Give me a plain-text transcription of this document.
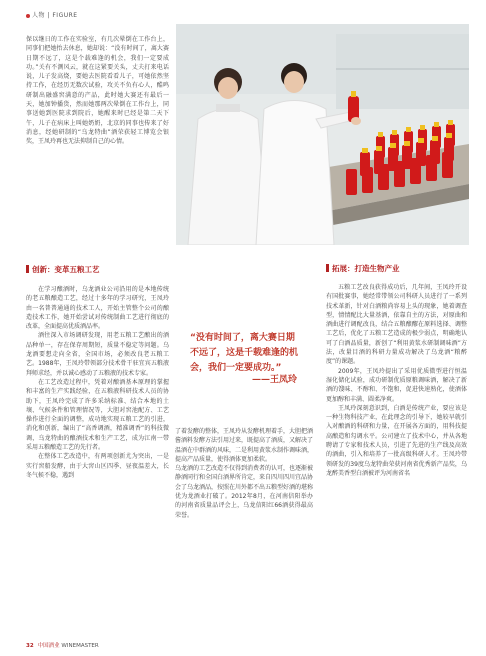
人物 | FIGURE

保以继日的工作在实验室，有几次晕倒在工作台上，同事们把她抬去休息，她却说：“没有时间了，离大赛日期不远了，这是个载难逢的机会，我们一定要成功。”关有不测风云，就在这紧要关头，丈夫打来电话说，儿子发高烧，要她去医院看看儿子，可她依然坚持工作，在经历无数次试验，攻关不负有心人，酷鸣研制出融盛窖满意的产品，此时她大赛还有最后一天，她加钟播货，然而她那两次晕倒在工作台上，同事送她到医院求到院后，她醒来时已经是第二天下午，儿子在病床上叫她奶奶，北京的同事也传来了好消息，经她研制的“乌龙特曲”酒荣获轻工博览会银奖，王凤玲再也无法抑制自己的心情。

创新：变革五粮工艺

在学习酿酒时，乌龙酒业公司沿用的是本地传统的老五粮酿造工艺，经过十多年的学习研究，王凤玲由一名普普通通的技术工人，开始主管整个公司的酿造技术工作，她开始尝试对传统制曲工艺进行彻底的改革，全面提高优质酒品率。

酒往深入市场调研发现，用老五粮工艺酿出的酒品种单一，存在保存周期短，质量不稳定等问题。乌龙酒要想走向全省，全国市场，必须改良老五粮工艺。1988年，王凤玲带领部分技术骨干驻宜宾五粮液拜师求经，并以诚心感动了五粮液的技术专家。

在工艺改造过程中，凭着对酿酒基本原理的掌握和丰富的生产实践经验，在五粮液科研技术人员的协助下，王凤玲完成了许多采纳标准、结合本地的土壤、气候条件和管理情况等，大胆对窖池配方、工艺操作进行全面的调整，成功地实现五粮工艺的引进，消化和创新，编出了“高香调酒，精准调香”的科技微调，乌龙特曲的酿酒技术和生产工艺，成为江南一带采用五粮酿造工艺的先行者。

在整体工艺改造中，有两项创新尤为突出，一是实行窖船发酵，由于大窖山区四季、昼夜温差大，长冬气候不稳，遇到

“没有时间了，离大赛日期不远了，这是千载难逢的机会，我们一定要成功。”
——王凤玲

了着发酵的整体，王凤玲从发酵机理着手，大胆把酒酱酒料发酵方法引用过来，既提高了酒质，又解决了温酒在中群酒的风味，二是利用黄浆水制作调味酒，提高产品质量，使得酒体更加柔软。
乌龙酒的工艺改造不仅得到消费者的认可，也逐渐被静酒同行和全国白酒界所肯定，来自四川四川宜品协会了乌龙酒品，按照在川外都不出五粮型好酒的堪称优为龙酒业打破了。2012年8月，在河南信阳举办的河南省质量品评会上，乌龙信阳红66酒获得最高荣誉。

拓展：打造生物产业

五粮工艺改良获得成功后，几年间，王凤玲开设有国批赛事，她经常带领公司科研人员进行了一系列技术革新，针对白酒粮尚容易上头的现象，她着调查型，情情配比大量基酒，依靠自主的方法，对原曲和酒曲进行调配改良，结合五粮酿醪在原料选择、调整工艺后，优化了五粮工艺造成的极少弱点，明确地认可了白酒品质量，新创了“利用黄浆水研制调味酒”方法，改量目酒的科研力量成功解决了乌龙酒“粮醉度”的课题。

2009年，王凤玲提出了采用优质微型进行恒温湿化储化试验，成功研制优质原粮调味酒，解决了新酒的馊味、不醇和、不饱和，促进快速熟化，使酒体更加醇和丰满、圆柔净爽。

王凤玲深刻意识到，白酒是传统产业，要应该是一种生物科技产业，在此理念的引导下，她较早就引入对酿酒的科研和力量，在开展各方面的，用科技提高酿造和勾调水平。公司建立了技术中心，并从各地聘请了专家和技术人员，引进了先进的生产线及高效的酒曲，引入和培养了一批高级科研人才。王凤玲带领研发的39度乌龙特曲荣获河南省优秀新产品奖，乌龙醉美香型白酒被评为河南省名

32 中国酒业 WINEMASTER
